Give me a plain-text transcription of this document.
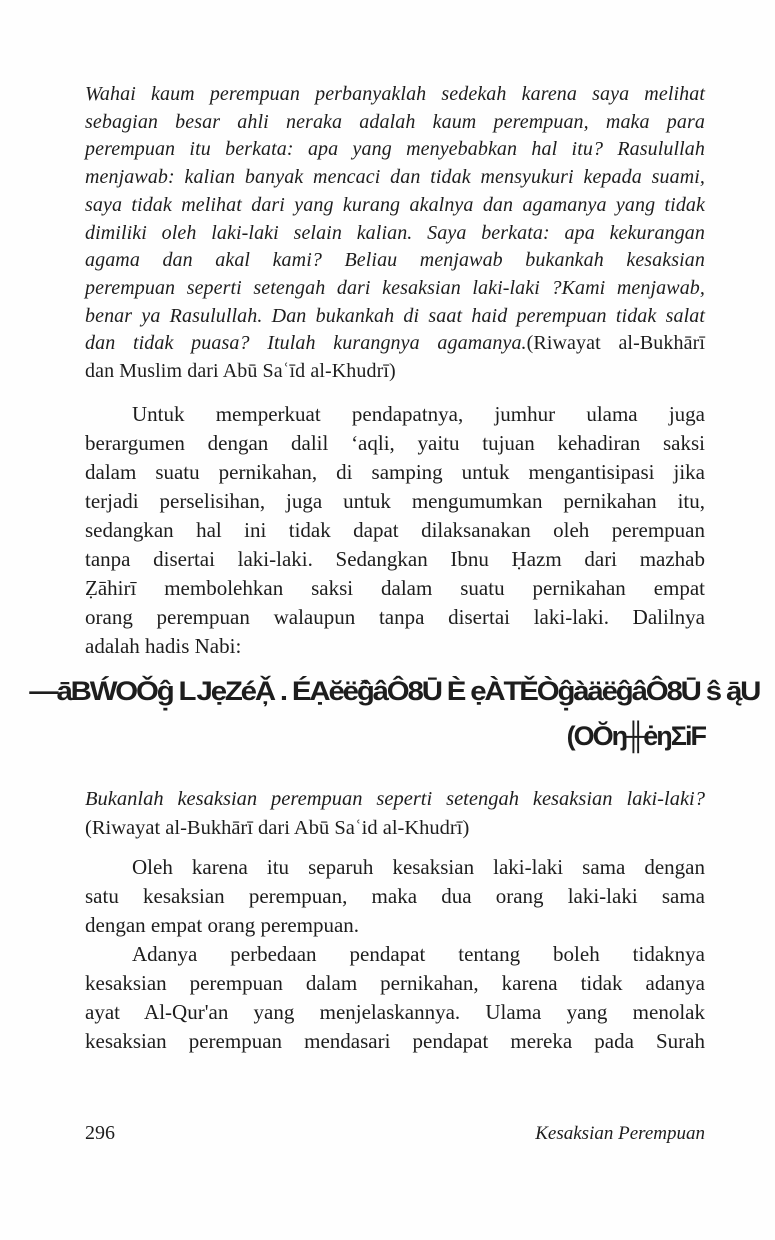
Wahai kaum perempuan perbanyaklah sedekah karena saya melihat
sebagian besar ahli neraka adalah kaum perempuan, maka para
perempuan itu berkata: apa yang menyebabkan hal itu? Rasulullah
menjawab: kalian banyak mencaci dan tidak mensyukuri kepada suami,
saya tidak melihat dari yang kurang akalnya dan agamanya yang tidak
dimiliki oleh laki-laki selain kalian. Saya berkata: apa kekurangan
agama dan akal kami? Beliau menjawab bukankah kesaksian
perempuan seperti setengah dari kesaksian laki-laki ?Kami menjawab,
benar ya Rasulullah. Dan bukankah di saat haid perempuan tidak salat
dan tidak puasa? Itulah kurangnya agamanya.(Riwayat al-Bukhārī
dan Muslim dari Abū Saʿīd al-Khudrī)
Untuk memperkuat pendapatnya, jumhur ulama juga
berargumen dengan dalil ‘aqli, yaitu tujuan kehadiran saksi
dalam suatu pernikahan, di samping untuk mengantisipasi jika
terjadi perselisihan, juga untuk mengumumkan pernikahan itu,
sedangkan hal ini tidak dapat dilaksanakan oleh perempuan
tanpa disertai laki-laki. Sedangkan Ibnu Ḥazm dari mazhab
Ẓāhirī membolehkan saksi dalam suatu pernikahan empat
orang perempuan walaupun tanpa disertai laki-laki. Dalilnya
adalah hadis Nabi:
—āBẂOǑĝ̣ ǇẹZéǍ̦ . ÉẠĕëĝ̀âÔ8Ū È ẹÀTĚÒĝ̣àäëĝâÔ8Ū ŝ ą̄U
(OŎŋ╫ėŋΣiF
Bukanlah kesaksian perempuan seperti setengah kesaksian laki-laki?
(Riwayat al-Bukhārī dari Abū Saʿid al-Khudrī)
Oleh karena itu separuh kesaksian laki-laki sama dengan
satu kesaksian perempuan, maka dua orang laki-laki sama
dengan empat orang perempuan.
Adanya perbedaan pendapat tentang boleh tidaknya
kesaksian perempuan dalam pernikahan, karena tidak adanya
ayat Al-Qur'an yang menjelaskannya. Ulama yang menolak
kesaksian perempuan mendasari pendapat mereka pada Surah
296	Kesaksian Perempuan
